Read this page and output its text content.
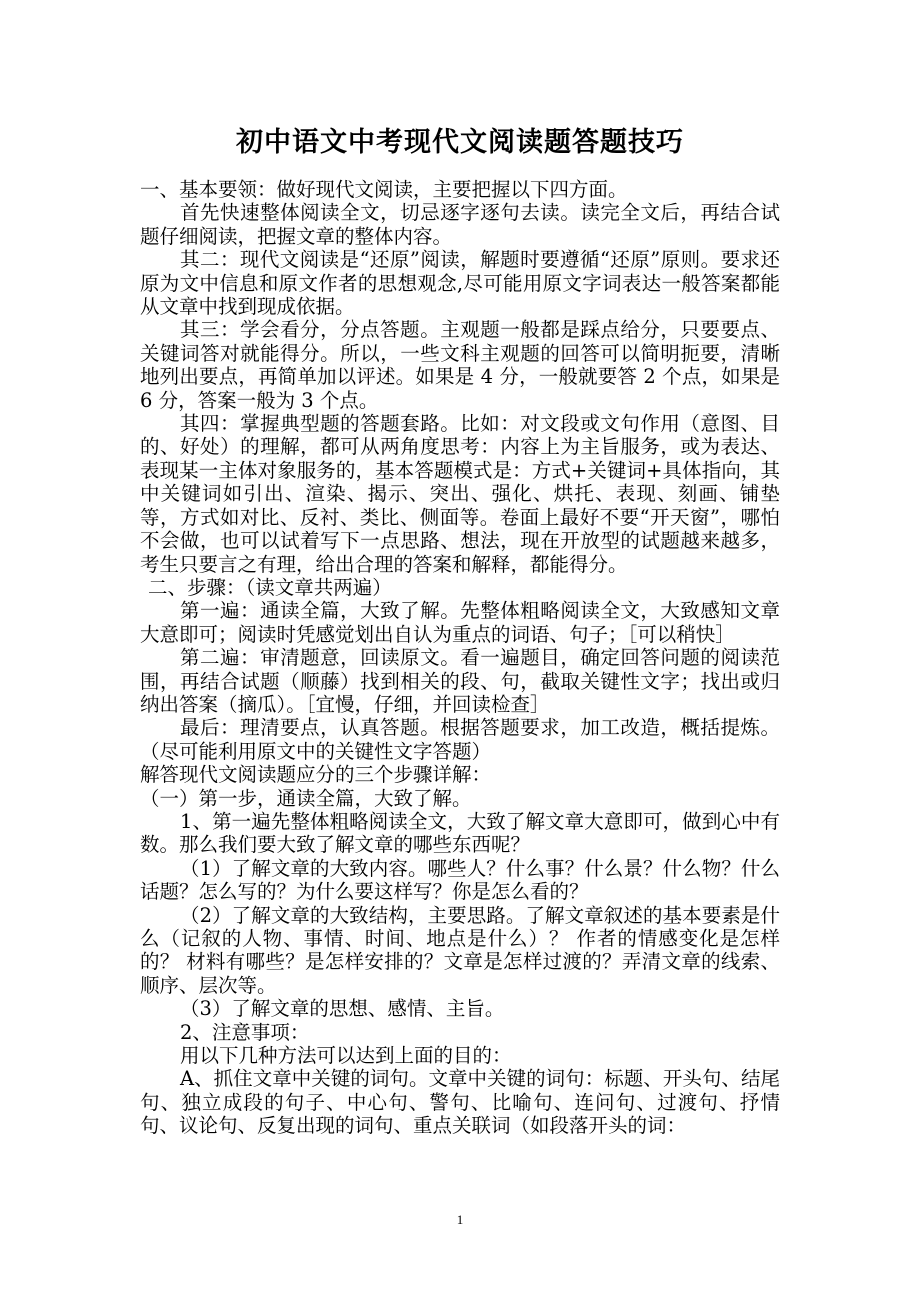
初中语文中考现代文阅读题答题技巧

一、基本要领：做好现代文阅读，主要把握以下四方面。

首先快速整体阅读全文，切忌逐字逐句去读。读完全文后，再结合试题仔细阅读，把握文章的整体内容。

其二：现代文阅读是“还原”阅读，解题时要遵循“还原”原则。要求还原为文中信息和原文作者的思想观念,尽可能用原文字词表达一般答案都能从文章中找到现成依据。

其三：学会看分，分点答题。主观题一般都是踩点给分，只要要点、关键词答对就能得分。所以，一些文科主观题的回答可以简明扼要，清晰地列出要点，再简单加以评述。如果是 4 分，一般就要答 2 个点，如果是 6 分，答案一般为 3 个点。

其四：掌握典型题的答题套路。比如：对文段或文句作用（意图、目的、好处）的理解，都可从两角度思考：内容上为主旨服务，或为表达、表现某一主体对象服务的，基本答题模式是：方式+关键词+具体指向，其中关键词如引出、渲染、揭示、突出、强化、烘托、表现、刻画、铺垫等，方式如对比、反衬、类比、侧面等。卷面上最好不要“开天窗”，哪怕不会做，也可以试着写下一点思路、想法，现在开放型的试题越来越多，考生只要言之有理，给出合理的答案和解释，都能得分。

二、步骤：（读文章共两遍）

第一遍：通读全篇，大致了解。先整体粗略阅读全文，大致感知文章大意即可；阅读时凭感觉划出自认为重点的词语、句子；［可以稍快］

第二遍：审清题意，回读原文。看一遍题目，确定回答问题的阅读范围，再结合试题（顺藤）找到相关的段、句，截取关键性文字；找出或归纳出答案（摘瓜）。［宜慢，仔细，并回读检查］

最后：理清要点，认真答题。根据答题要求，加工改造，概括提炼。（尽可能利用原文中的关键性文字答题）

解答现代文阅读题应分的三个步骤详解：

（一）第一步，通读全篇，大致了解。

1、第一遍先整体粗略阅读全文，大致了解文章大意即可，做到心中有数。那么我们要大致了解文章的哪些东西呢？

（1）了解文章的大致内容。哪些人？什么事？什么景？什么物？什么话题？怎么写的？为什么要这样写？你是怎么看的？

（2）了解文章的大致结构，主要思路。了解文章叙述的基本要素是什么（记叙的人物、事情、时间、地点是什么）？ 作者的情感变化是怎样的？ 材料有哪些？是怎样安排的？文章是怎样过渡的？弄清文章的线索、顺序、层次等。

（3）了解文章的思想、感情、主旨。

2、注意事项：

用以下几种方法可以达到上面的目的：

A、抓住文章中关键的词句。文章中关键的词句：标题、开头句、结尾句、独立成段的句子、中心句、警句、比喻句、连问句、过渡句、抒情句、议论句、反复出现的词句、重点关联词（如段落开头的词：

1
